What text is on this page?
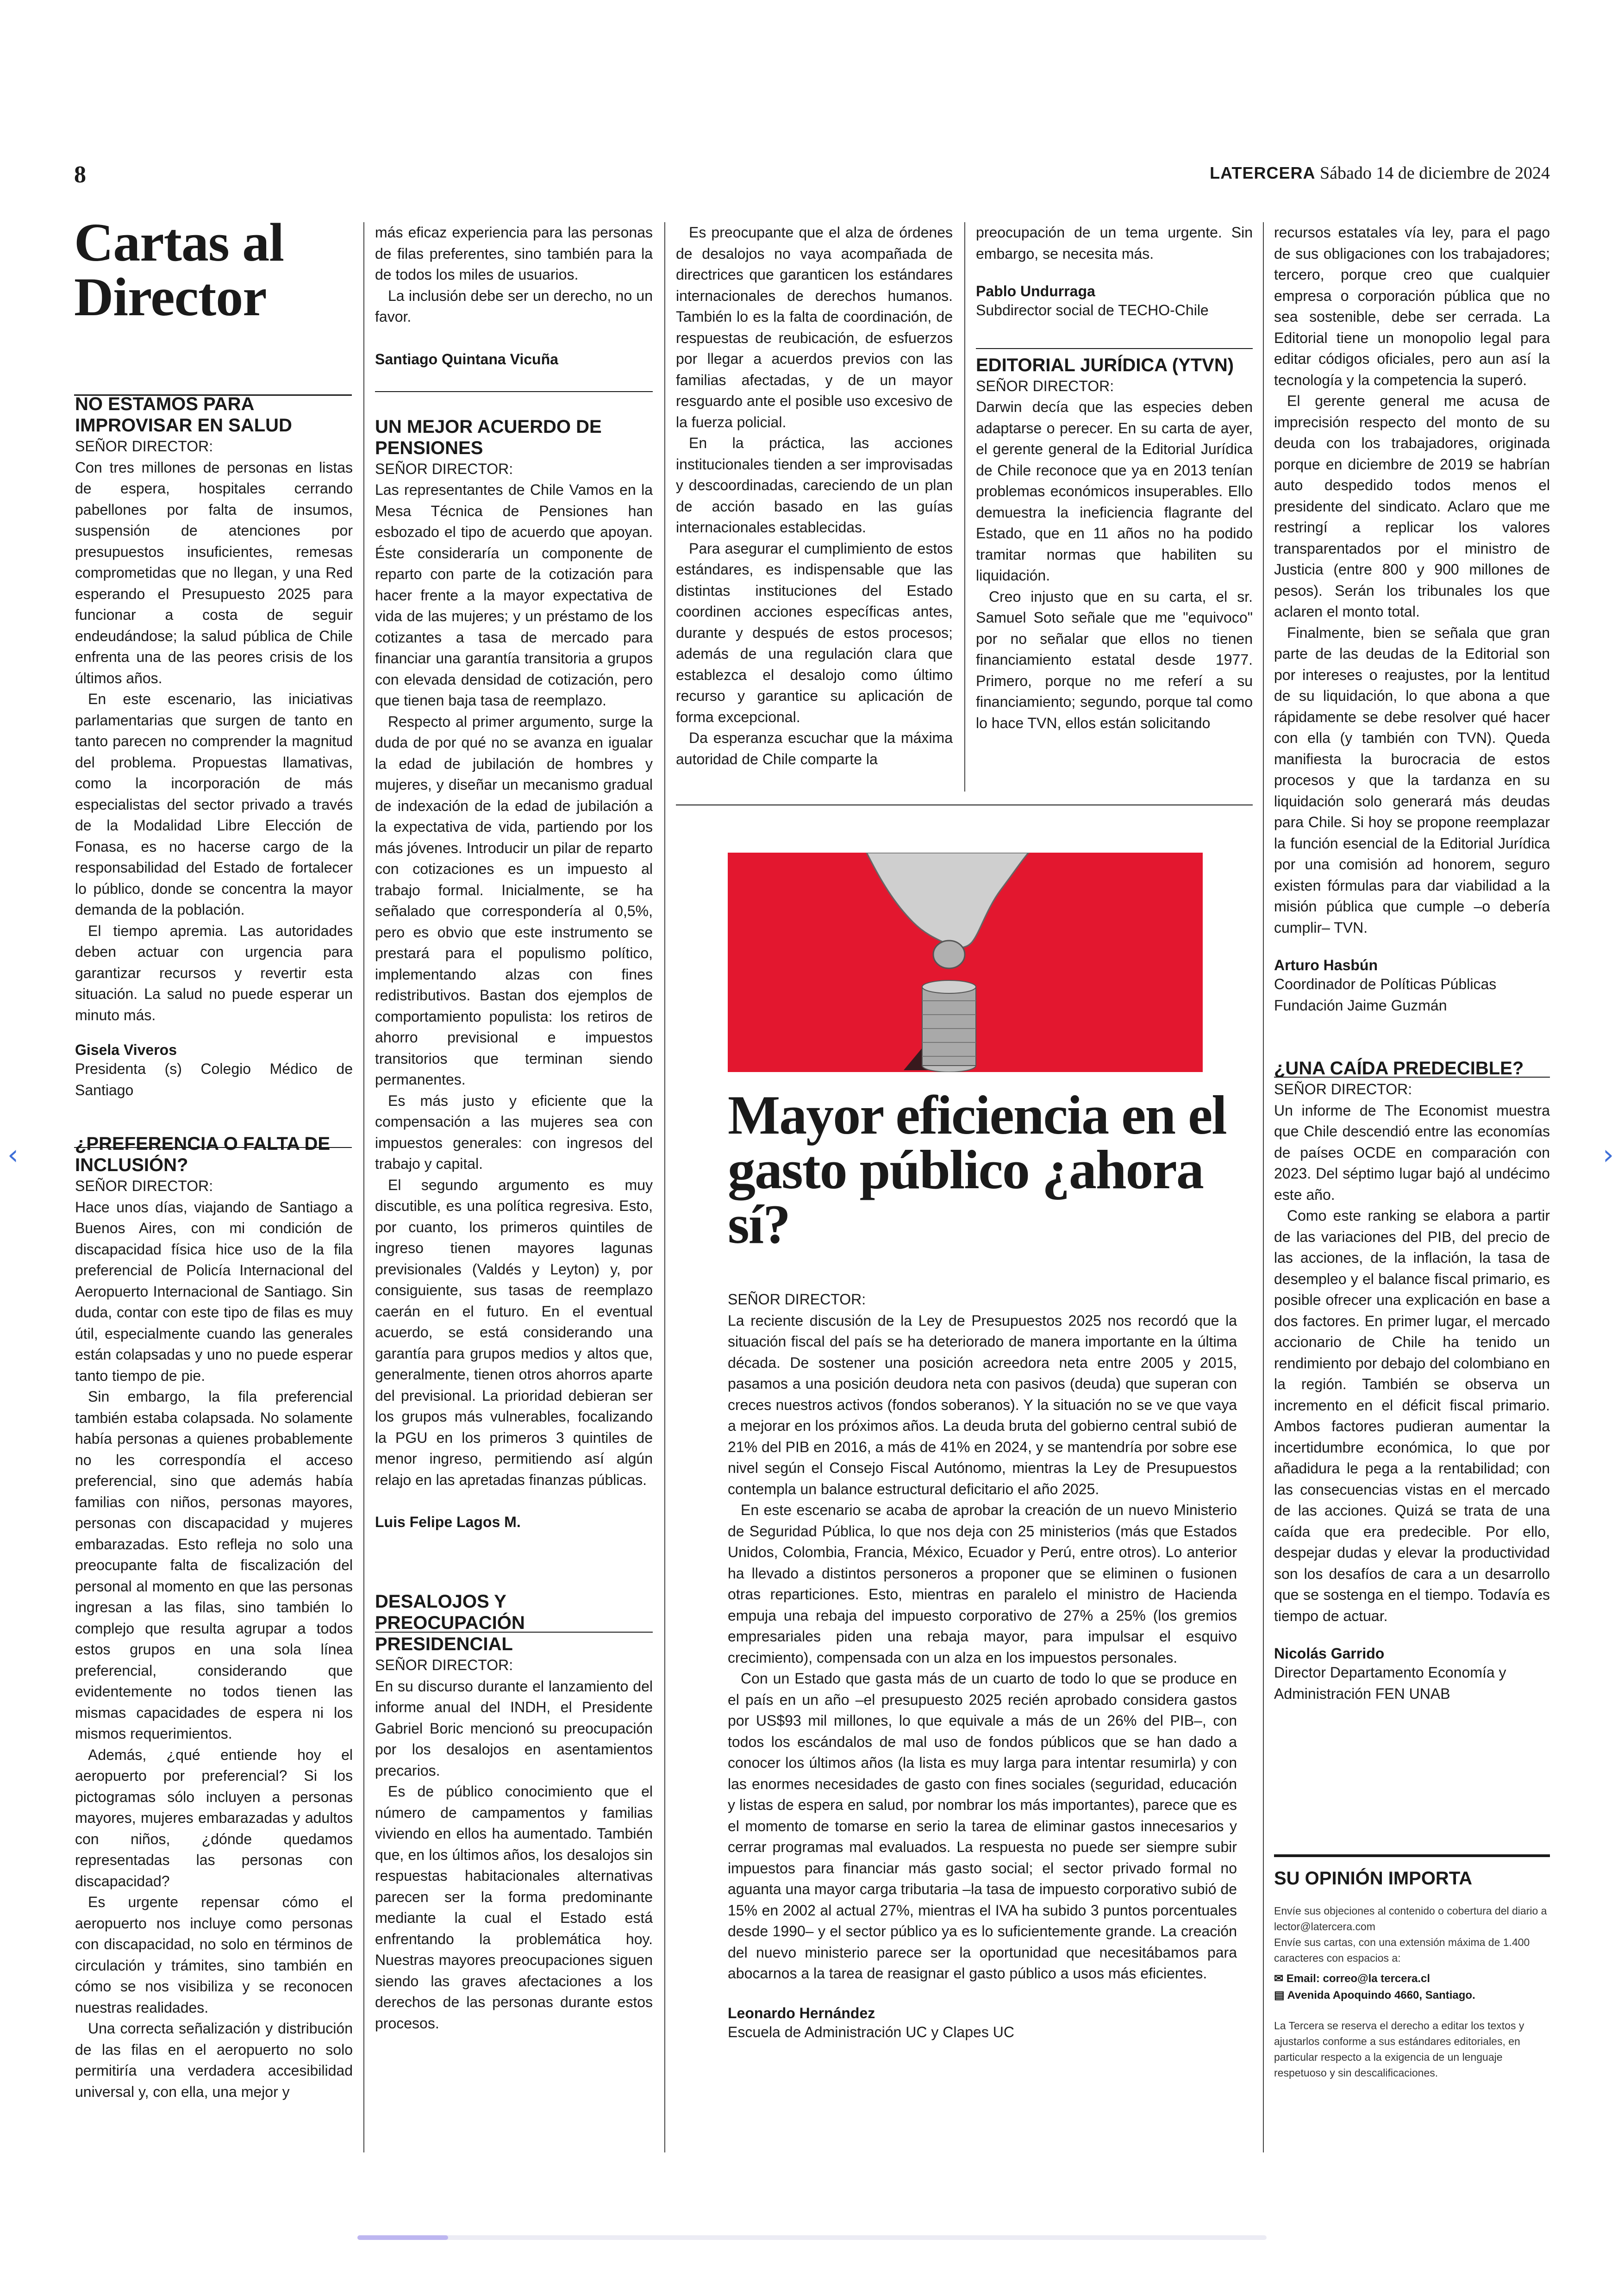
8	LATERCERA Sábado 14 de diciembre de 2024
Cartas al Director

NO ESTAMOS PARA IMPROVISAR EN SALUD

SEÑOR DIRECTOR:

Con tres millones de personas en listas de espera, hospitales cerrando pabellones por falta de insumos, suspensión de atenciones por presupuestos insuficientes, remesas comprometidas que no llegan, y una Red esperando el Presupuesto 2025 para funcionar a costa de seguir endeudándose; la salud pública de Chile enfrenta una de las peores crisis de los últimos años.

En este escenario, las iniciativas parlamentarias que surgen de tanto en tanto parecen no comprender la magnitud del problema. Propuestas llamativas, como la incorporación de más especialistas del sector privado a través de la Modalidad Libre Elección de Fonasa, es no hacerse cargo de la responsabilidad del Estado de fortalecer lo público, donde se concentra la mayor demanda de la población.

El tiempo apremia. Las autoridades deben actuar con urgencia para garantizar recursos y revertir esta situación. La salud no puede esperar un minuto más.

Gisela Viveros
Presidenta (s) Colegio Médico de Santiago

¿PREFERENCIA O FALTA DE INCLUSIÓN?

SEÑOR DIRECTOR:

Hace unos días, viajando de Santiago a Buenos Aires, con mi condición de discapacidad física hice uso de la fila preferencial de Policía Internacional del Aeropuerto Internacional de Santiago. Sin duda, contar con este tipo de filas es muy útil, especialmente cuando las generales están colapsadas y uno no puede esperar tanto tiempo de pie.

Sin embargo, la fila preferencial también estaba colapsada. No solamente había personas a quienes probablemente no les correspondía el acceso preferencial, sino que además había familias con niños, personas mayores, personas con discapacidad y mujeres embarazadas. Esto refleja no solo una preocupante falta de fiscalización del personal al momento en que las personas ingresan a las filas, sino también lo complejo que resulta agrupar a todos estos grupos en una sola línea preferencial, considerando que evidentemente no todos tienen las mismas capacidades de espera ni los mismos requerimientos.

Además, ¿qué entiende hoy el aeropuerto por preferencial? Si los pictogramas sólo incluyen a personas mayores, mujeres embarazadas y adultos con niños, ¿dónde quedamos representadas las personas con discapacidad?

Es urgente repensar cómo el aeropuerto nos incluye como personas con discapacidad, no solo en términos de circulación y trámites, sino también en cómo se nos visibiliza y se reconocen nuestras realidades.

Una correcta señalización y distribución de las filas en el aeropuerto no solo permitiría una verdadera accesibilidad universal y, con ella, una mejor y

más eficaz experiencia para las personas de filas preferentes, sino también para la de todos los miles de usuarios.

La inclusión debe ser un derecho, no un favor.

Santiago Quintana Vicuña

UN MEJOR ACUERDO DE PENSIONES

SEÑOR DIRECTOR:

Las representantes de Chile Vamos en la Mesa Técnica de Pensiones han esbozado el tipo de acuerdo que apoyan. Éste consideraría un componente de reparto con parte de la cotización para hacer frente a la mayor expectativa de vida de las mujeres; y un préstamo de los cotizantes a tasa de mercado para financiar una garantía transitoria a grupos con elevada densidad de cotización, pero que tienen baja tasa de reemplazo.

Respecto al primer argumento, surge la duda de por qué no se avanza en igualar la edad de jubilación de hombres y mujeres, y diseñar un mecanismo gradual de indexación de la edad de jubilación a la expectativa de vida, partiendo por los más jóvenes. Introducir un pilar de reparto con cotizaciones es un impuesto al trabajo formal. Inicialmente, se ha señalado que correspondería al 0,5%, pero es obvio que este instrumento se prestará para el populismo político, implementando alzas con fines redistributivos. Bastan dos ejemplos de comportamiento populista: los retiros de ahorro previsional e impuestos transitorios que terminan siendo permanentes.

Es más justo y eficiente que la compensación a las mujeres sea con impuestos generales: con ingresos del trabajo y capital.

El segundo argumento es muy discutible, es una política regresiva. Esto, por cuanto, los primeros quintiles de ingreso tienen mayores lagunas previsionales (Valdés y Leyton) y, por consiguiente, sus tasas de reemplazo caerán en el futuro. En el eventual acuerdo, se está considerando una garantía para grupos medios y altos que, generalmente, tienen otros ahorros aparte del previsional. La prioridad debieran ser los grupos más vulnerables, focalizando la PGU en los primeros 3 quintiles de menor ingreso, permitiendo así algún relajo en las apretadas finanzas públicas.

Luis Felipe Lagos M.

DESALOJOS Y PREOCUPACIÓN PRESIDENCIAL

SEÑOR DIRECTOR:

En su discurso durante el lanzamiento del informe anual del INDH, el Presidente Gabriel Boric mencionó su preocupación por los desalojos en asentamientos precarios.

Es de público conocimiento que el número de campamentos y familias viviendo en ellos ha aumentado. También que, en los últimos años, los desalojos sin respuestas habitacionales alternativas parecen ser la forma predominante mediante la cual el Estado está enfrentando la problemática hoy. Nuestras mayores preocupaciones siguen siendo las graves afectaciones a los derechos de las personas durante estos procesos.

Es preocupante que el alza de órdenes de desalojos no vaya acompañada de directrices que garanticen los estándares internacionales de derechos humanos. También lo es la falta de coordinación, de respuestas de reubicación, de esfuerzos por llegar a acuerdos previos con las familias afectadas, y de un mayor resguardo ante el posible uso excesivo de la fuerza policial.

En la práctica, las acciones institucionales tienden a ser improvisadas y descoordinadas, careciendo de un plan de acción basado en las guías internacionales establecidas.

Para asegurar el cumplimiento de estos estándares, es indispensable que las distintas instituciones del Estado coordinen acciones específicas antes, durante y después de estos procesos; además de una regulación clara que establezca el desalojo como último recurso y garantice su aplicación de forma excepcional.

Da esperanza escuchar que la máxima autoridad de Chile comparte la

preocupación de un tema urgente. Sin embargo, se necesita más.

Pablo Undurraga
Subdirector social de TECHO-Chile

EDITORIAL JURÍDICA (YTVN)

SEÑOR DIRECTOR:

Darwin decía que las especies deben adaptarse o perecer. En su carta de ayer, el gerente general de la Editorial Jurídica de Chile reconoce que ya en 2013 tenían problemas económicos insuperables. Ello demuestra la ineficiencia flagrante del Estado, que en 11 años no ha podido tramitar normas que habiliten su liquidación.

Creo injusto que en su carta, el sr. Samuel Soto señale que me "equivoco" por no señalar que ellos no tienen financiamiento estatal desde 1977. Primero, porque no me referí a su financiamiento; segundo, porque tal como lo hace TVN, ellos están solicitando

recursos estatales vía ley, para el pago de sus obligaciones con los trabajadores; tercero, porque creo que cualquier empresa o corporación pública que no sea sostenible, debe ser cerrada. La Editorial tiene un monopolio legal para editar códigos oficiales, pero aun así la tecnología y la competencia la superó.

El gerente general me acusa de imprecisión respecto del monto de su deuda con los trabajadores, originada porque en diciembre de 2019 se habrían auto despedido todos menos el presidente del sindicato. Aclaro que me restringí a replicar los valores transparentados por el ministro de Justicia (entre 800 y 900 millones de pesos). Serán los tribunales los que aclaren el monto total.

Finalmente, bien se señala que gran parte de las deudas de la Editorial son por intereses o reajustes, por la lentitud de su liquidación, lo que abona a que rápidamente se debe resolver qué hacer con ella (y también con TVN). Queda manifiesta la burocracia de estos procesos y que la tardanza en su liquidación solo generará más deudas para Chile. Si hoy se propone reemplazar la función esencial de la Editorial Jurídica por una comisión ad honorem, seguro existen fórmulas para dar viabilidad a la misión pública que cumple –o debería cumplir– TVN.

Arturo Hasbún
Coordinador de Políticas Públicas
Fundación Jaime Guzmán

¿UNA CAÍDA PREDECIBLE?

SEÑOR DIRECTOR:

Un informe de The Economist muestra que Chile descendió entre las economías de países OCDE en comparación con 2023. Del séptimo lugar bajó al undécimo este año.

Como este ranking se elabora a partir de las variaciones del PIB, del precio de las acciones, de la inflación, la tasa de desempleo y el balance fiscal primario, es posible ofrecer una explicación en base a dos factores. En primer lugar, el mercado accionario de Chile ha tenido un rendimiento por debajo del colombiano en la región. También se observa un incremento en el déficit fiscal primario. Ambos factores pudieran aumentar la incertidumbre económica, lo que por añadidura le pega a la rentabilidad; con las consecuencias vistas en el mercado de las acciones. Quizá se trata de una caída que era predecible. Por ello, despejar dudas y elevar la productividad son los desafíos de cara a un desarrollo que se sostenga en el tiempo. Todavía es tiempo de actuar.

Nicolás Garrido
Director Departamento Economía y
Administración FEN UNAB
Mayor eficiencia en el gasto público ¿ahora sí?

SEÑOR DIRECTOR:

La reciente discusión de la Ley de Presupuestos 2025 nos recordó que la situación fiscal del país se ha deteriorado de manera importante en la última década. De sostener una posición acreedora neta entre 2005 y 2015, pasamos a una posición deudora neta con pasivos (deuda) que superan con creces nuestros activos (fondos soberanos). Y la situación no se ve que vaya a mejorar en los próximos años. La deuda bruta del gobierno central subió de 21% del PIB en 2016, a más de 41% en 2024, y se mantendría por sobre ese nivel según el Consejo Fiscal Autónomo, mientras la Ley de Presupuestos contempla un balance estructural deficitario el año 2025.

En este escenario se acaba de aprobar la creación de un nuevo Ministerio de Seguridad Pública, lo que nos deja con 25 ministerios (más que Estados Unidos, Colombia, Francia, México, Ecuador y Perú, entre otros). Lo anterior ha llevado a distintos personeros a proponer que se eliminen o fusionen otras reparticiones. Esto, mientras en paralelo el ministro de Hacienda empuja una rebaja del impuesto corporativo de 27% a 25% (los gremios empresariales piden una rebaja mayor, para impulsar el esquivo crecimiento), compensada con un alza en los impuestos personales.

Con un Estado que gasta más de un cuarto de todo lo que se produce en el país en un año –el presupuesto 2025 recién aprobado considera gastos por US$93 mil millones, lo que equivale a más de un 26% del PIB–, con todos los escándalos de mal uso de fondos públicos que se han dado a conocer los últimos años (la lista es muy larga para intentar resumirla) y con las enormes necesidades de gasto con fines sociales (seguridad, educación y listas de espera en salud, por nombrar los más importantes), parece que es el momento de tomarse en serio la tarea de eliminar gastos innecesarios y cerrar programas mal evaluados. La respuesta no puede ser siempre subir impuestos para financiar más gasto social; el sector privado formal no aguanta una mayor carga tributaria –la tasa de impuesto corporativo subió de 15% en 2002 al actual 27%, mientras el IVA ha subido 3 puntos porcentuales desde 1990– y el sector público ya es lo suficientemente grande. La creación del nuevo ministerio parece ser la oportunidad que necesitábamos para abocarnos a la tarea de reasignar el gasto público a usos más eficientes.

Leonardo Hernández
Escuela de Administración UC y Clapes UC
SU OPINIÓN IMPORTA

Envíe sus objeciones al contenido o cobertura del diario a lector@latercera.com

Envíe sus cartas, con una extensión máxima de 1.400 caracteres con espacios a:

✉ Email: correo@la tercera.cl

▤ Avenida Apoquindo 4660, Santiago.

La Tercera se reserva el derecho a editar los textos y ajustarlos conforme a sus estándares editoriales, en particular respecto a la exigencia de un lenguaje respetuoso y sin descalificaciones.

‹	›
